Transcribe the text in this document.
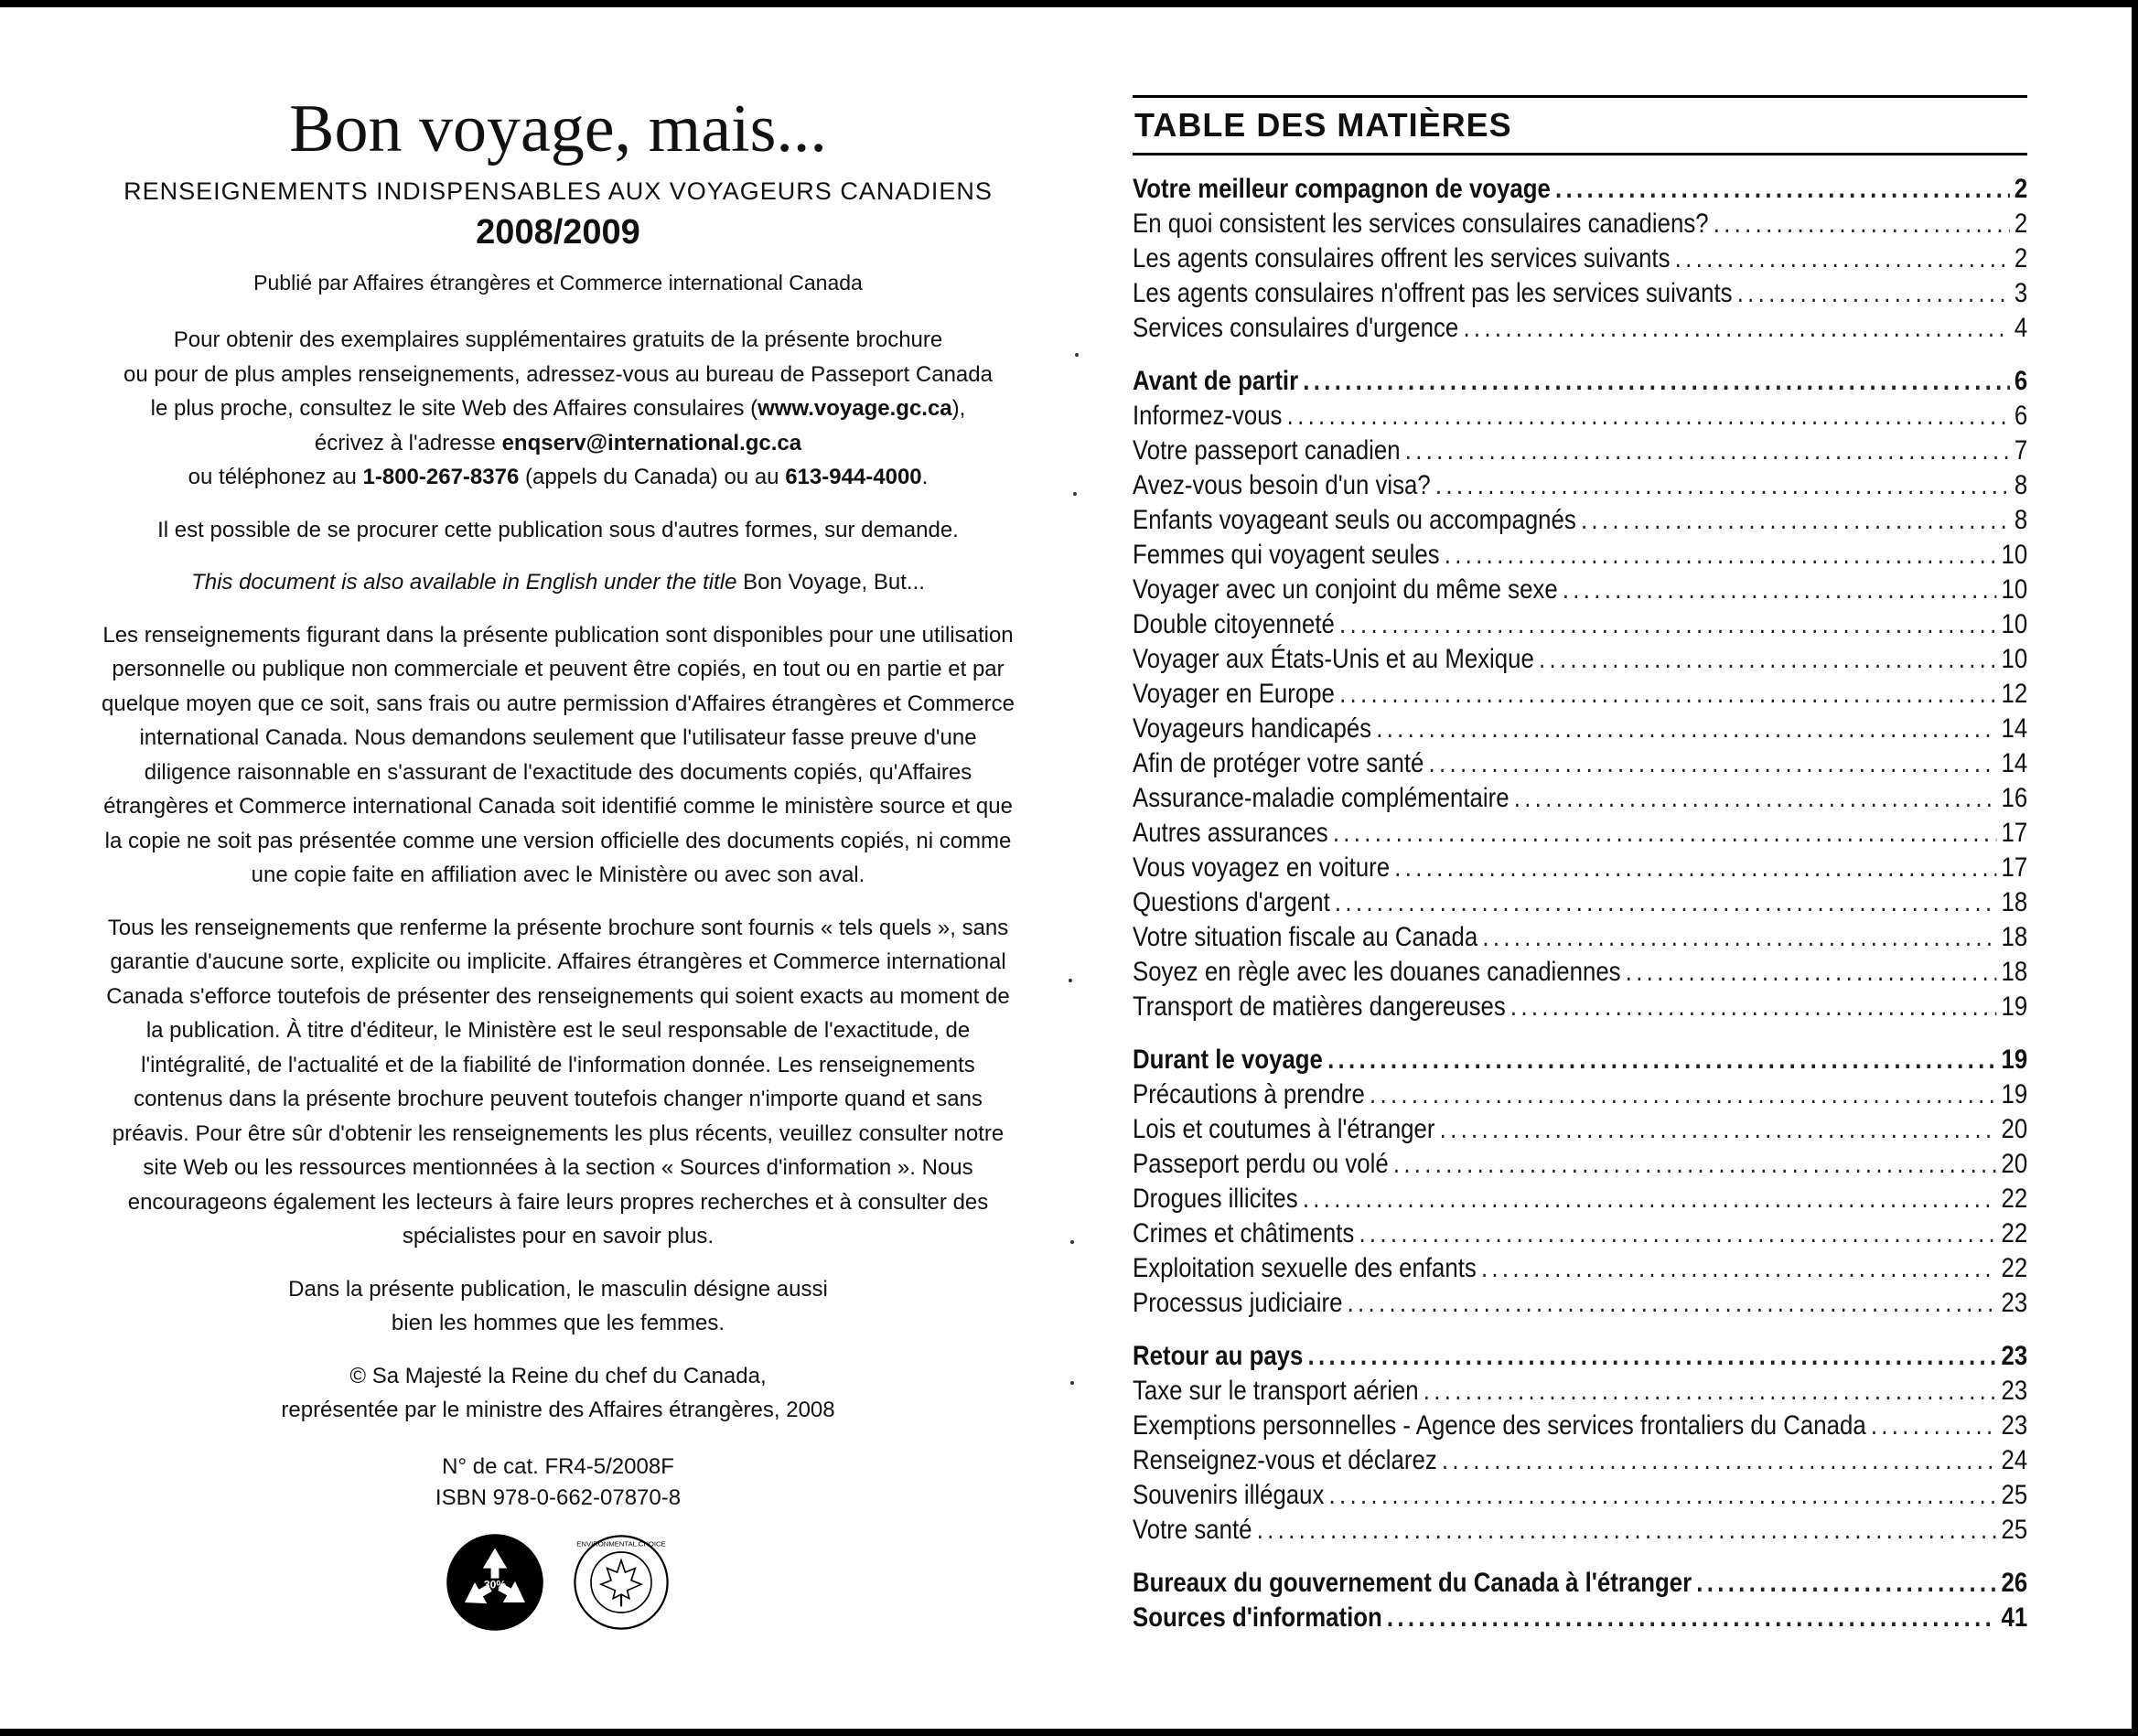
Bon voyage, mais...
RENSEIGNEMENTS INDISPENSABLES AUX VOYAGEURS CANADIENS
2008/2009
Publié par Affaires étrangères et Commerce international Canada
Pour obtenir des exemplaires supplémentaires gratuits de la présente brochure
ou pour de plus amples renseignements, adressez-vous au bureau de Passeport Canada
le plus proche, consultez le site Web des Affaires consulaires (www.voyage.gc.ca),
écrivez à l'adresse enqserv@international.gc.ca
ou téléphonez au 1-800-267-8376 (appels du Canada) ou au 613-944-4000.
Il est possible de se procurer cette publication sous d'autres formes, sur demande.
This document is also available in English under the title Bon Voyage, But...
Les renseignements figurant dans la présente publication sont disponibles pour une utilisation personnelle ou publique non commerciale et peuvent être copiés, en tout ou en partie et par quelque moyen que ce soit, sans frais ou autre permission d'Affaires étrangères et Commerce international Canada. Nous demandons seulement que l'utilisateur fasse preuve d'une diligence raisonnable en s'assurant de l'exactitude des documents copiés, qu'Affaires étrangères et Commerce international Canada soit identifié comme le ministère source et que la copie ne soit pas présentée comme une version officielle des documents copiés, ni comme une copie faite en affiliation avec le Ministère ou avec son aval.
Tous les renseignements que renferme la présente brochure sont fournis « tels quels », sans garantie d'aucune sorte, explicite ou implicite. Affaires étrangères et Commerce international Canada s'efforce toutefois de présenter des renseignements qui soient exacts au moment de la publication. À titre d'éditeur, le Ministère est le seul responsable de l'exactitude, de l'intégralité, de l'actualité et de la fiabilité de l'information donnée. Les renseignements contenus dans la présente brochure peuvent toutefois changer n'importe quand et sans préavis. Pour être sûr d'obtenir les renseignements les plus récents, veuillez consulter notre site Web ou les ressources mentionnées à la section « Sources d'information ». Nous encourageons également les lecteurs à faire leurs propres recherches et à consulter des spécialistes pour en savoir plus.
Dans la présente publication, le masculin désigne aussi
bien les hommes que les femmes.
© Sa Majesté la Reine du chef du Canada,
représentée par le ministre des Affaires étrangères, 2008
N° de cat. FR4-5/2008F
ISBN 978-0-662-07870-8
30%
ENVIRONMENTAL CHOICE
TABLE DES MATIÈRES
Votre meilleur compagnon de voyage .....	2
En quoi consistent les services consulaires canadiens? .....	2
Les agents consulaires offrent les services suivants .....	2
Les agents consulaires n'offrent pas les services suivants .....	3
Services consulaires d'urgence .....	4
Avant de partir .....	6
Informez-vous .....	6
Votre passeport canadien .....	7
Avez-vous besoin d'un visa? .....	8
Enfants voyageant seuls ou accompagnés .....	8
Femmes qui voyagent seules .....	10
Voyager avec un conjoint du même sexe .....	10
Double citoyenneté .....	10
Voyager aux États-Unis et au Mexique .....	10
Voyager en Europe .....	12
Voyageurs handicapés .....	14
Afin de protéger votre santé .....	14
Assurance-maladie complémentaire .....	16
Autres assurances .....	17
Vous voyagez en voiture .....	17
Questions d'argent .....	18
Votre situation fiscale au Canada .....	18
Soyez en règle avec les douanes canadiennes .....	18
Transport de matières dangereuses .....	19
Durant le voyage .....	19
Précautions à prendre .....	19
Lois et coutumes à l'étranger .....	20
Passeport perdu ou volé .....	20
Drogues illicites .....	22
Crimes et châtiments .....	22
Exploitation sexuelle des enfants .....	22
Processus judiciaire .....	23
Retour au pays .....	23
Taxe sur le transport aérien .....	23
Exemptions personnelles - Agence des services frontaliers du Canada .....	23
Renseignez-vous et déclarez .....	24
Souvenirs illégaux .....	25
Votre santé .....	25
Bureaux du gouvernement du Canada à l'étranger .....	26
Sources d'information .....	41
